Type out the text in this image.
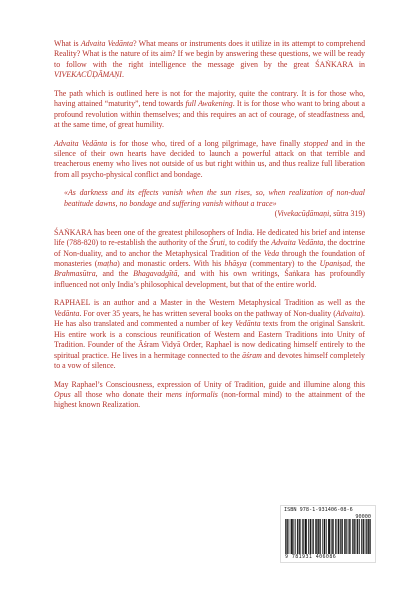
What is Advaita Vedānta? What means or instruments does it utilize in its attempt to comprehend Reality? What is the nature of its aim? If we begin by answering these questions, we will be ready to follow with the right intelligence the message given by the great ŚAṄKARA in VIVEKACŪḌĀMAṆI.

The path which is outlined here is not for the majority, quite the contrary. It is for those who, having attained “maturity”, tend towards full Awakening. It is for those who want to bring about a profound revolution within themselves; and this requires an act of courage, of steadfastness and, at the same time, of great humility.

Advaita Vedānta is for those who, tired of a long pilgrimage, have finally stopped and in the silence of their own hearts have decided to launch a powerful attack on that terrible and treacherous enemy who lives not outside of us but right within us, and thus realize full liberation from all psycho-physical conflict and bondage.

«As darkness and its effects vanish when the sun rises, so, when realization of non-dual beatitude dawns, no bondage and suffering vanish without a trace»
(Vivekacūḍāmaṇi, sūtra 319)

ŚAṄKARA has been one of the greatest philosophers of India. He dedicated his brief and intense life (788-820) to re-establish the authority of the Śruti, to codify the Advaita Vedānta, the doctrine of Non-duality, and to anchor the Metaphysical Tradition of the Veda through the foundation of monasteries (maṭha) and monastic orders. With his bhāṣya (commentary) to the Upaniṣad, the Brahmasūtra, and the Bhagavadgītā, and with his own writings, Śaṅkara has profoundly influenced not only India’s philosophical development, but that of the entire world.

RAPHAEL is an author and a Master in the Western Metaphysical Tradition as well as the Vedānta. For over 35 years, he has written several books on the pathway of Non-duality (Advaita). He has also translated and commented a number of key Vedānta texts from the original Sanskrit. His entire work is a conscious reunification of Western and Eastern Traditions into Unity of Tradition. Founder of the Āśram Vidyā Order, Raphael is now dedicating himself entirely to the spiritual practice. He lives in a hermitage connected to the āśram and devotes himself completely to a vow of silence.

May Raphael’s Consciousness, expression of Unity of Tradition, guide and illumine along this Opus all those who donate their mens informalis (non-formal mind) to the attainment of the highest known Realization.

ISBN 978-1-931406-08-6
90000
9 781931 406086
